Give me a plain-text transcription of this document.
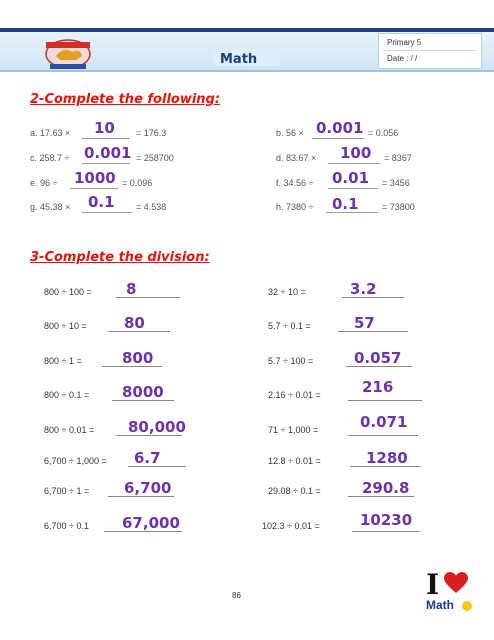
Math
Primary 5
Date : / /
2-Complete the following:
a. 17.63 × 10 = 176.3	b. 56 × 0.001 = 0.056
c. 258.7 ÷ 0.001 = 258700	d. 83.67 × 100 = 8367
e. 96 ÷ 1000 = 0.096	f. 34.56 ÷ 0.01 = 3456
g. 45.38 × 0.1 = 4.538	h. 7380 ÷ 0.1	= 73800
3-Complete the division:
800 ÷ 100 = 8
800 ÷ 10 = 80
800 ÷ 1 =	800
800 ÷ 0.1 = 8000
800 ÷ 0.01 = 80,000
6,700 ÷ 1,000 = 6.7
6,700 ÷ 1 = 6,700
6,700 ÷ 0.1 67,000
32 ÷ 10 =	3.2
5.7 ÷ 0.1 =	57
5.7 ÷ 100 =	0.057
2.16 ÷ 0.01 =	216
71 ÷ 1,000 =	0.071
12.8 ÷ 0.01 =	1280
29.08 ÷ 0.1 =	290.8
102.3 ÷ 0.01 =	10230
86	I
Math
